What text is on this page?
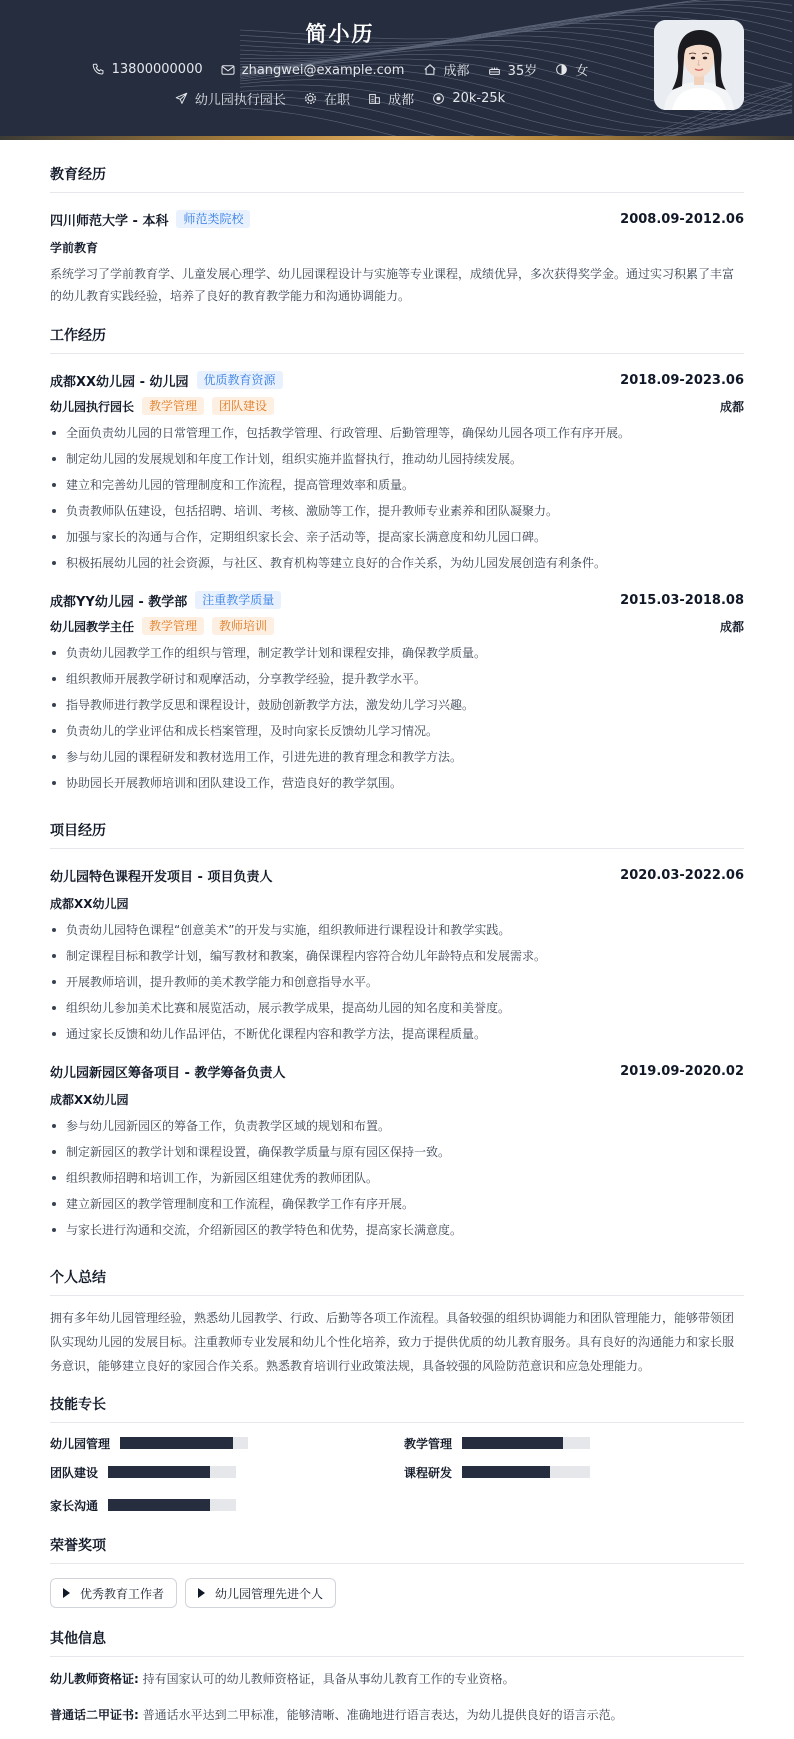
简小历
13800000000
	zhangwei@example.com
	成都
	35岁
	女
幼儿园执行园长
	在职
	成都
	20k-25k
教育经历
四川师范大学 - 本科	师范类院校	2008.09-2012.06
学前教育
系统学习了学前教育学、儿童发展心理学、幼儿园课程设计与实施等专业课程，成绩优异，多次获得奖学金。通过实习积累了丰富的幼儿教育实践经验，培养了良好的教育教学能力和沟通协调能力。
工作经历
成都XX幼儿园 - 幼儿园	优质教育资源	2018.09-2023.06
幼儿园执行园长	教学管理	团队建设	成都
全面负责幼儿园的日常管理工作，包括教学管理、行政管理、后勤管理等，确保幼儿园各项工作有序开展。
制定幼儿园的发展规划和年度工作计划，组织实施并监督执行，推动幼儿园持续发展。
建立和完善幼儿园的管理制度和工作流程，提高管理效率和质量。
负责教师队伍建设，包括招聘、培训、考核、激励等工作，提升教师专业素养和团队凝聚力。
加强与家长的沟通与合作，定期组织家长会、亲子活动等，提高家长满意度和幼儿园口碑。
积极拓展幼儿园的社会资源，与社区、教育机构等建立良好的合作关系，为幼儿园发展创造有利条件。
成都YY幼儿园 - 教学部	注重教学质量	2015.03-2018.08
幼儿园教学主任	教学管理	教师培训	成都
负责幼儿园教学工作的组织与管理，制定教学计划和课程安排，确保教学质量。
组织教师开展教学研讨和观摩活动，分享教学经验，提升教学水平。
指导教师进行教学反思和课程设计，鼓励创新教学方法，激发幼儿学习兴趣。
负责幼儿的学业评估和成长档案管理，及时向家长反馈幼儿学习情况。
参与幼儿园的课程研发和教材选用工作，引进先进的教育理念和教学方法。
协助园长开展教师培训和团队建设工作，营造良好的教学氛围。
项目经历
幼儿园特色课程开发项目 - 项目负责人	2020.03-2022.06
成都XX幼儿园
负责幼儿园特色课程“创意美术”的开发与实施，组织教师进行课程设计和教学实践。
制定课程目标和教学计划，编写教材和教案，确保课程内容符合幼儿年龄特点和发展需求。
开展教师培训，提升教师的美术教学能力和创意指导水平。
组织幼儿参加美术比赛和展览活动，展示教学成果，提高幼儿园的知名度和美誉度。
通过家长反馈和幼儿作品评估，不断优化课程内容和教学方法，提高课程质量。
幼儿园新园区筹备项目 - 教学筹备负责人	2019.09-2020.02
成都XX幼儿园
参与幼儿园新园区的筹备工作，负责教学区域的规划和布置。
制定新园区的教学计划和课程设置，确保教学质量与原有园区保持一致。
组织教师招聘和培训工作，为新园区组建优秀的教师团队。
建立新园区的教学管理制度和工作流程，确保教学工作有序开展。
与家长进行沟通和交流，介绍新园区的教学特色和优势，提高家长满意度。
个人总结
拥有多年幼儿园管理经验，熟悉幼儿园教学、行政、后勤等各项工作流程。具备较强的组织协调能力和团队管理能力，能够带领团队实现幼儿园的发展目标。注重教师专业发展和幼儿个性化培养，致力于提供优质的幼儿教育服务。具有良好的沟通能力和家长服务意识，能够建立良好的家园合作关系。熟悉教育培训行业政策法规，具备较强的风险防范意识和应急处理能力。
技能专长
幼儿园管理	教学管理
团队建设	课程研发
家长沟通
荣誉奖项
优秀教育工作者	幼儿园管理先进个人
其他信息
幼儿教师资格证: 持有国家认可的幼儿教师资格证，具备从事幼儿教育工作的专业资格。
普通话二甲证书: 普通话水平达到二甲标准，能够清晰、准确地进行语言表达，为幼儿提供良好的语言示范。
